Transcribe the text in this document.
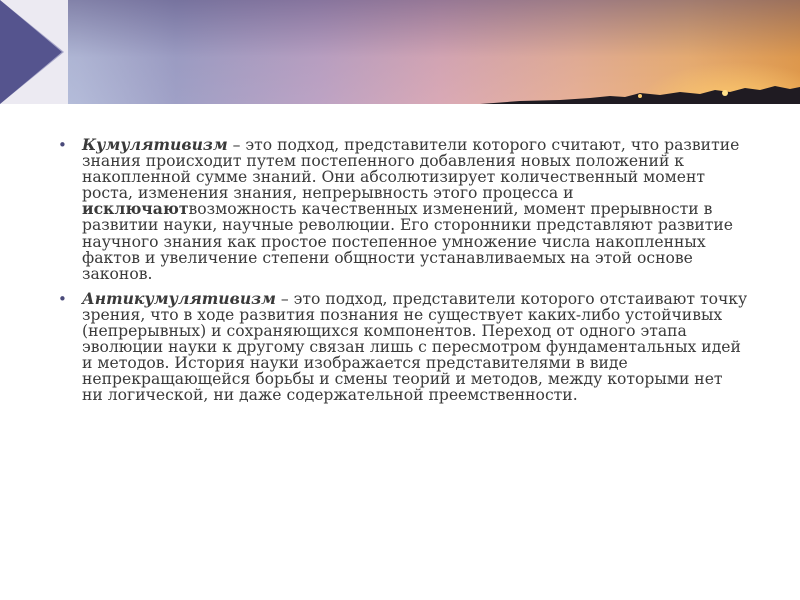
• Кумулятивизм – это подход, представители которого считают, что развитие знания происходит путем постепенного добавления новых положений к накопленной сумме знаний. Они абсолютизирует количественный момент роста, изменения знания, непрерывность этого процесса и исключаютвозможность качественных изменений, момент прерывности в развитии науки, научные революции. Его сторонники представляют развитие научного знания как простое постепенное умножение числа накопленных фактов и увеличение степени общности устанавливаемых на этой основе законов.
• Антикумулятивизм – это подход, представители которого отстаивают точку зрения, что в ходе развития познания не существует каких-либо устойчивых (непрерывных) и сохраняющихся компонентов. Переход от одного этапа эволюции науки к другому связан лишь с пересмотром фундаментальных идей и методов. История науки изображается представителями в виде непрекращающейся борьбы и смены теорий и методов, между которыми нет ни логической, ни даже содержательной преемственности.
